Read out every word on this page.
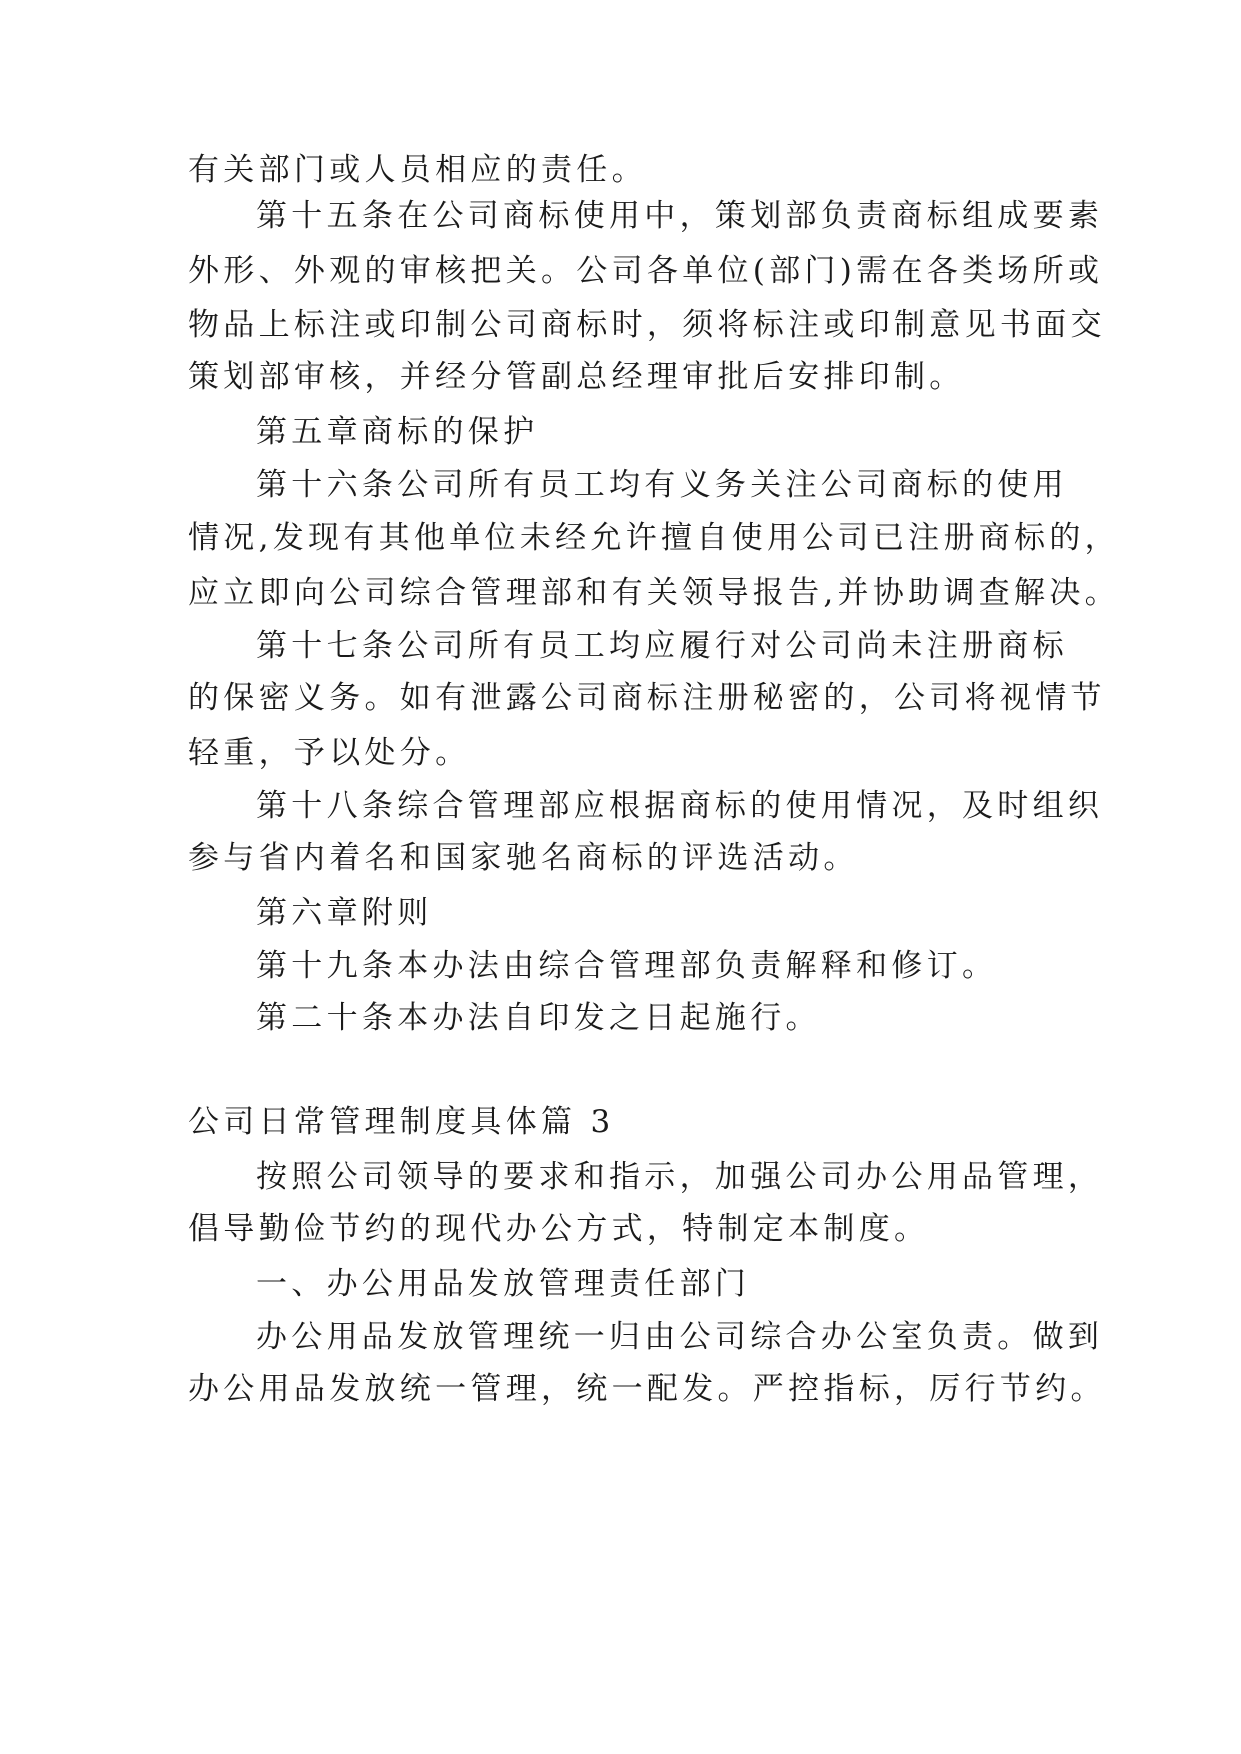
有关部门或人员相应的责任。
第十五条在公司商标使用中，策划部负责商标组成要素
外形、外观的审核把关。公司各单位(部门)需在各类场所或
物品上标注或印制公司商标时，须将标注或印制意见书面交
策划部审核，并经分管副总经理审批后安排印制。
第五章商标的保护
第十六条公司所有员工均有义务关注公司商标的使用
情况,发现有其他单位未经允许擅自使用公司已注册商标的，
应立即向公司综合管理部和有关领导报告,并协助调查解决。
第十七条公司所有员工均应履行对公司尚未注册商标
的保密义务。如有泄露公司商标注册秘密的，公司将视情节
轻重，予以处分。
第十八条综合管理部应根据商标的使用情况，及时组织
参与省内着名和国家驰名商标的评选活动。
第六章附则
第十九条本办法由综合管理部负责解释和修订。
第二十条本办法自印发之日起施行。
公司日常管理制度具体篇 3
按照公司领导的要求和指示，加强公司办公用品管理，
倡导勤俭节约的现代办公方式，特制定本制度。
一、办公用品发放管理责任部门
办公用品发放管理统一归由公司综合办公室负责。做到
办公用品发放统一管理，统一配发。严控指标，厉行节约。
